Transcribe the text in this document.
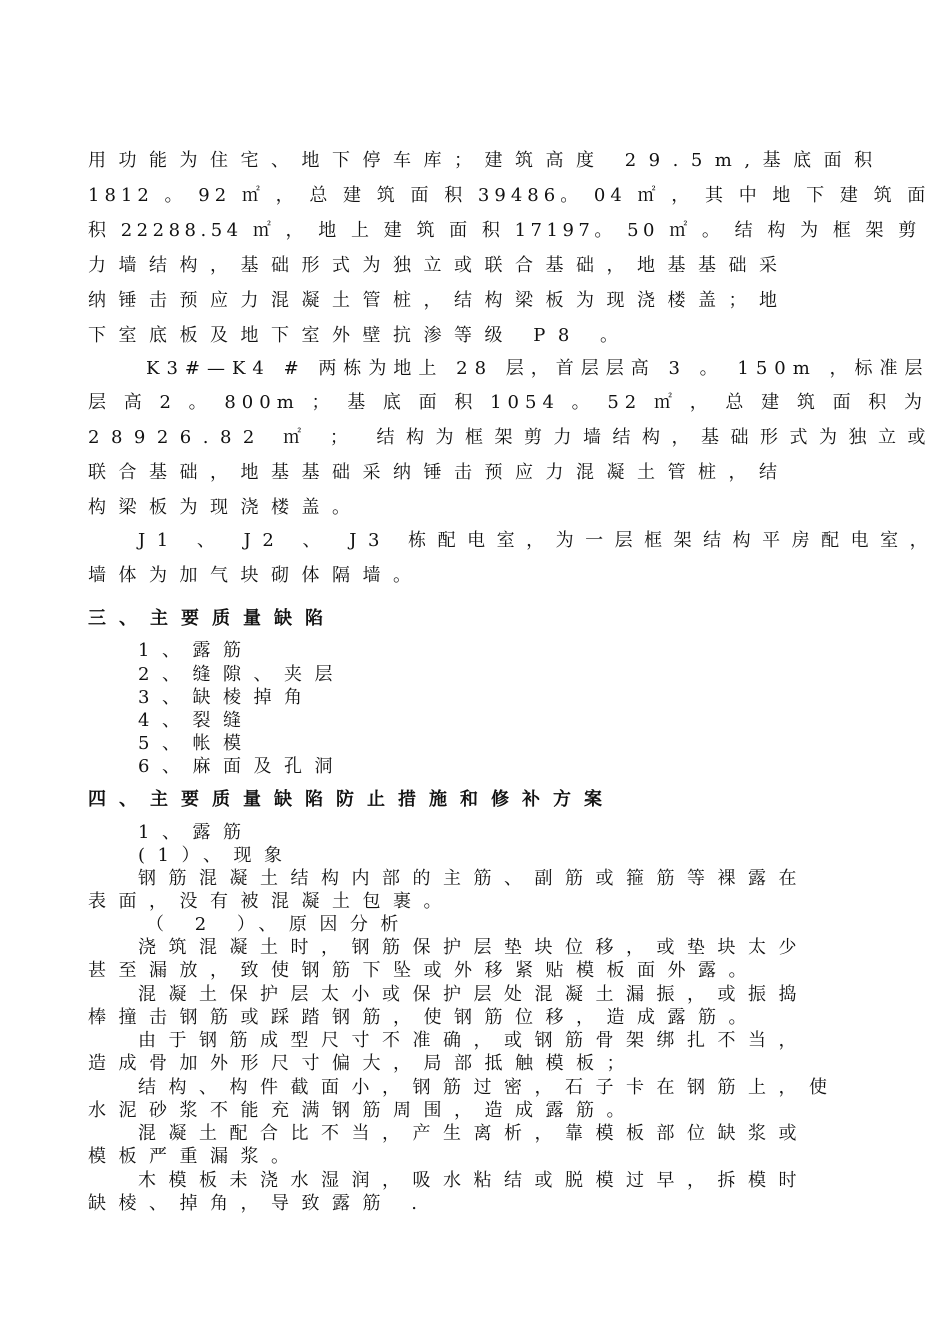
用功能为住宅、地下停车库；建筑高度 29.5m,基底面积
1812 。 92 ㎡ ， 总 建 筑 面 积 39486。 04 ㎡ ， 其 中 地 下 建 筑 面
积 22288.54 ㎡ ， 地 上 建 筑 面 积 17197。 50 ㎡ 。 结 构 为 框 架 剪
力墙结构，基础形式为独立或联合基础，地基基础采
纳锤击预应力混凝土管桩，结构梁板为现浇楼盖；地
下室底板及地下室外壁抗渗等级 P8 。
K3#—K4 # 两栋为地上 28 层，首层层高 3 。 150m ，标准层
层 高 2 。 800m ； 基 底 面 积 1054 。 52 ㎡ ， 总 建 筑 面 积 为
28926.82 ㎡ ； 结构为框架剪力墙结构，基础形式为独立或
联合基础，地基基础采纳锤击预应力混凝土管桩，结
构梁板为现浇楼盖。
J1 、 J2 、 J3 栋配电室，为一层框架结构平房配电室，
墙体为加气块砌体隔墙。
三、主要质量缺陷
1、露筋
2、缝隙、夹层
3、缺棱掉角
4、裂缝
5、帐模
6、麻面及孔洞
四、主要质量缺陷防止措施和修补方案
1、露筋
(1）、现象
钢筋混凝土结构内部的主筋、副筋或箍筋等裸露在
表面，没有被混凝土包裹。
（ 2 ）、原因分析
浇筑混凝土时，钢筋保护层垫块位移，或垫块太少
甚至漏放，致使钢筋下坠或外移紧贴模板面外露。
混凝土保护层太小或保护层处混凝土漏振，或振捣
棒撞击钢筋或踩踏钢筋，使钢筋位移，造成露筋。
由于钢筋成型尺寸不准确，或钢筋骨架绑扎不当，
造成骨加外形尺寸偏大，局部抵触模板；
结构、构件截面小，钢筋过密，石子卡在钢筋上，使
水泥砂浆不能充满钢筋周围，造成露筋。
混凝土配合比不当，产生离析，靠模板部位缺浆或
模板严重漏浆。
木模板未浇水湿润，吸水粘结或脱模过早，拆模时
缺棱、掉角，导致露筋 .
